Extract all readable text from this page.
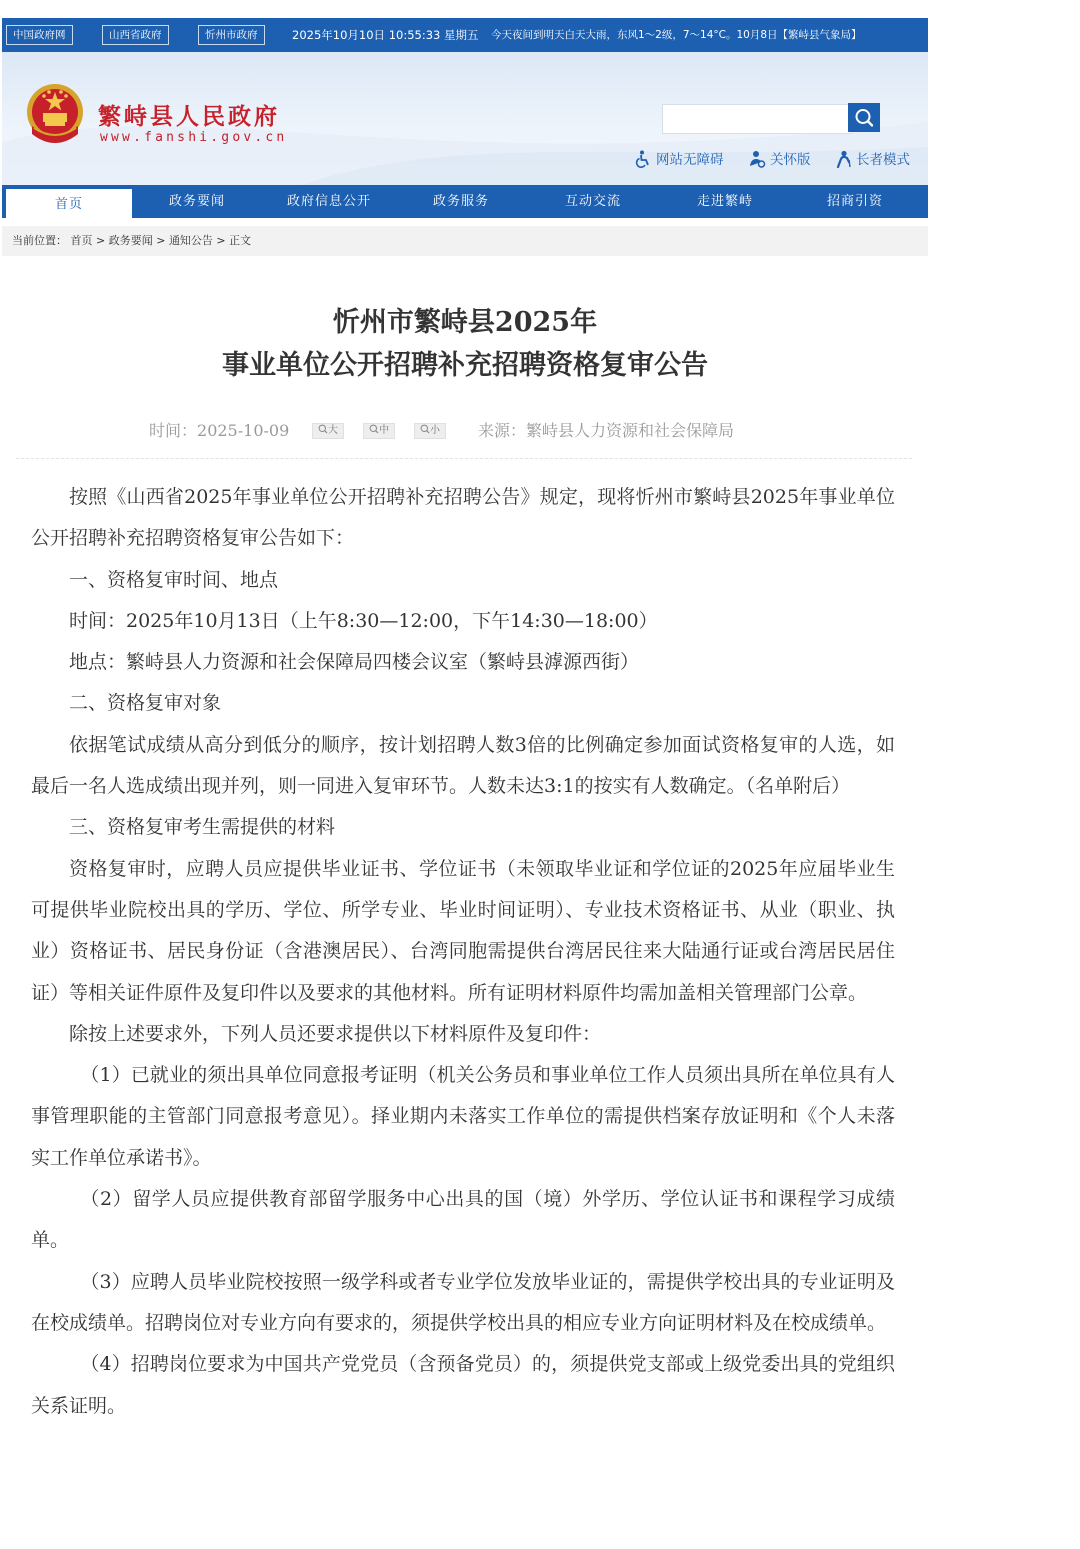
中国政府网	山西省政府	忻州市政府	2025年10月10日 10:55:33 星期五 今天夜间到明天白天大雨，东风1～2级，7～14°C。10月8日【繁峙县气象局】
繁峙县人民政府
www.fanshi.gov.cn
网站无障碍	关怀版	长者模式
首页	政务要闻	政府信息公开	政务服务	互动交流	走进繁峙	招商引资
当前位置： 首页 > 政务要闻 > 通知公告 > 正文
忻州市繁峙县2025年
事业单位公开招聘补充招聘资格复审公告
时间：2025-10-09	大	中	小	来源：繁峙县人力资源和社会保障局

按照《山西省2025年事业单位公开招聘补充招聘公告》规定，现将忻州市繁峙县2025年事业单位公开招聘补充招聘资格复审公告如下：

一、资格复审时间、地点

时间：2025年10月13日（上午8:30—12:00，下午14:30—18:00）

地点：繁峙县人力资源和社会保障局四楼会议室（繁峙县滹源西街）

二、资格复审对象

依据笔试成绩从高分到低分的顺序，按计划招聘人数3倍的比例确定参加面试资格复审的人选，如最后一名人选成绩出现并列，则一同进入复审环节。人数未达3:1的按实有人数确定。（名单附后）

三、资格复审考生需提供的材料

资格复审时，应聘人员应提供毕业证书、学位证书（未领取毕业证和学位证的2025年应届毕业生可提供毕业院校出具的学历、学位、所学专业、毕业时间证明）、专业技术资格证书、从业（职业、执业）资格证书、居民身份证（含港澳居民）、台湾同胞需提供台湾居民往来大陆通行证或台湾居民居住证）等相关证件原件及复印件以及要求的其他材料。所有证明材料原件均需加盖相关管理部门公章。

除按上述要求外，下列人员还要求提供以下材料原件及复印件：

（1）已就业的须出具单位同意报考证明（机关公务员和事业单位工作人员须出具所在单位具有人事管理职能的主管部门同意报考意见）。择业期内未落实工作单位的需提供档案存放证明和《个人未落实工作单位承诺书》。

（2）留学人员应提供教育部留学服务中心出具的国（境）外学历、学位认证书和课程学习成绩单。

（3）应聘人员毕业院校按照一级学科或者专业学位发放毕业证的，需提供学校出具的专业证明及在校成绩单。招聘岗位对专业方向有要求的，须提供学校出具的相应专业方向证明材料及在校成绩单。

（4）招聘岗位要求为中国共产党党员（含预备党员）的，须提供党支部或上级党委出具的党组织关系证明。
